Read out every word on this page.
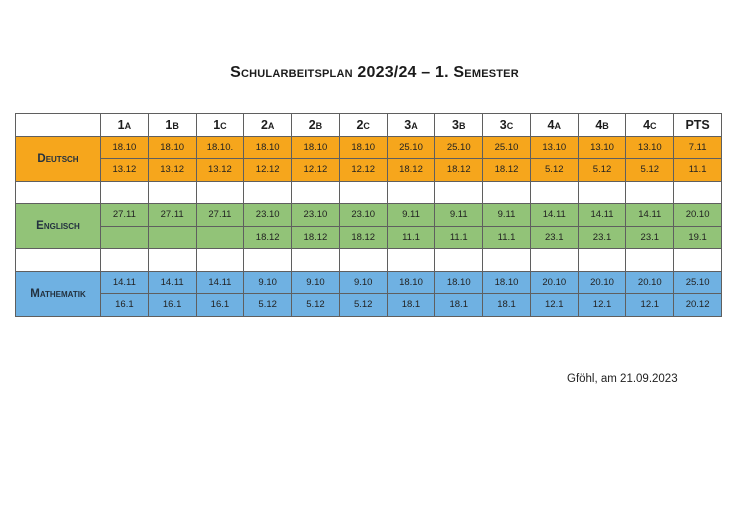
Schularbeitsplan 2023/24 – 1. Semester
	1a	1b	1c	2a	2b	2c	3a	3b	3c	4a	4b	4c	PTS
Deutsch	18.10	18.10	18.10.	18.10	18.10	18.10	25.10	25.10	25.10	13.10	13.10	13.10	7.11
	13.12	13.12	13.12	12.12	12.12	12.12	18.12	18.12	18.12	5.12	5.12	5.12	11.1

Englisch	27.11	27.11	27.11	23.10	23.10	23.10	9.11	9.11	9.11	14.11	14.11	14.11	20.10
				18.12	18.12	18.12	11.1	11.1	11.1	23.1	23.1	23.1	19.1

Mathematik	14.11	14.11	14.11	9.10	9.10	9.10	18.10	18.10	18.10	20.10	20.10	20.10	25.10
	16.1	16.1	16.1	5.12	5.12	5.12	18.1	18.1	18.1	12.1	12.1	12.1	20.12
Gföhl, am 21.09.2023
